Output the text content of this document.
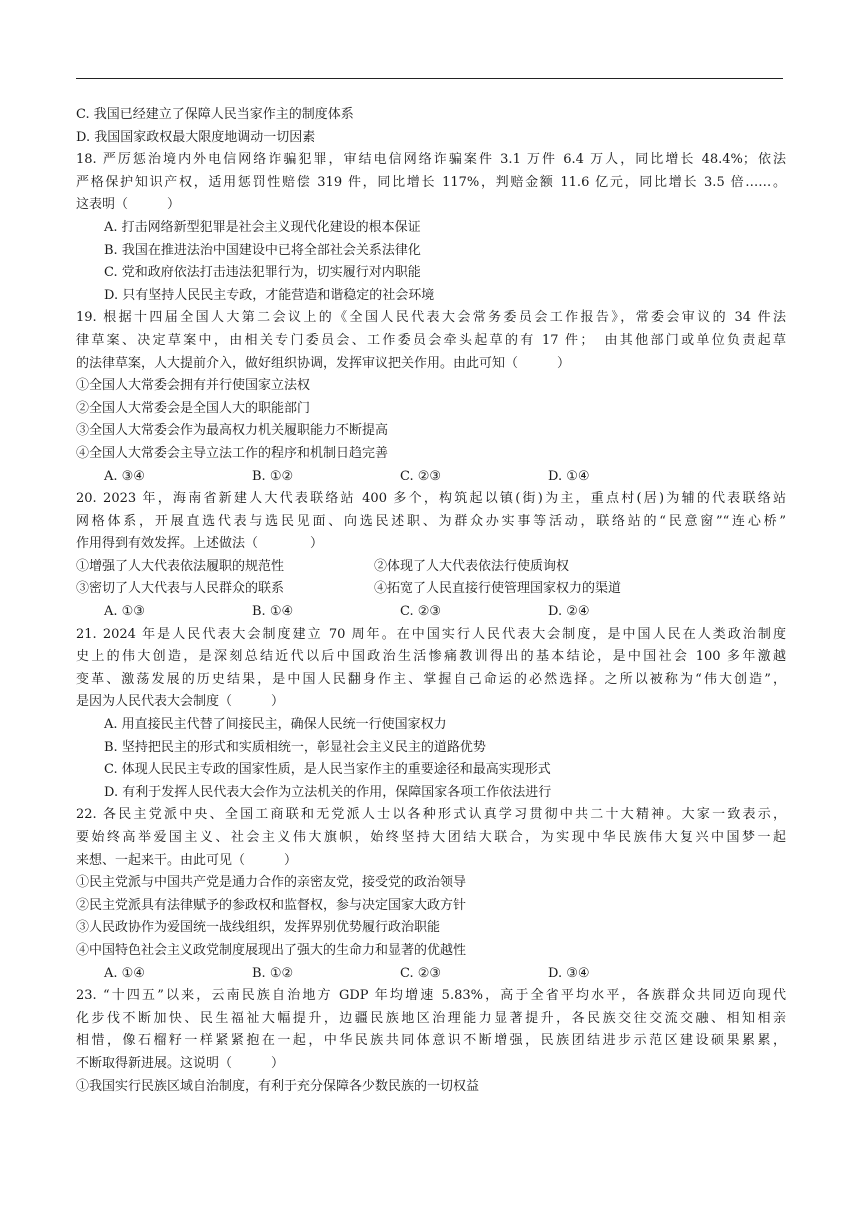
C. 我国已经建立了保障人民当家作主的制度体系
D. 我国国家政权最大限度地调动一切因素
18. 严厉惩治境内外电信网络诈骗犯罪，审结电信网络诈骗案件 3.1 万件 6.4 万人，同比增长 48.4%；依法
严格保护知识产权，适用惩罚性赔偿 319 件，同比增长 117%，判赔金额 11.6 亿元，同比增长 3.5 倍……。
这表明（　　　）
A. 打击网络新型犯罪是社会主义现代化建设的根本保证
B. 我国在推进法治中国建设中已将全部社会关系法律化
C. 党和政府依法打击违法犯罪行为，切实履行对内职能
D. 只有坚持人民民主专政，才能营造和谐稳定的社会环境
19. 根据十四届全国人大第二会议上的《全国人民代表大会常务委员会工作报告》，常委会审议的 34 件法
律草案、决定草案中，由相关专门委员会、工作委员会牵头起草的有 17 件；　由其他部门或单位负责起草
的法律草案，人大提前介入，做好组织协调，发挥审议把关作用。由此可知（　　　）
①全国人大常委会拥有并行使国家立法权
②全国人大常委会是全国人大的职能部门
③全国人大常委会作为最高权力机关履职能力不断提高
④全国人大常委会主导立法工作的程序和机制日趋完善
A. ③④	B. ①②	C. ②③	D. ①④
20. 2023 年，海南省新建人大代表联络站 400 多个，构筑起以镇(街)为主，重点村(居)为辅的代表联络站
网格体系，开展直选代表与选民见面、向选民述职、为群众办实事等活动，联络站的“民意窗”“连心桥”
作用得到有效发挥。上述做法（　　　　）
①增强了人大代表依法履职的规范性	②体现了人大代表依法行使质询权
③密切了人大代表与人民群众的联系	④拓宽了人民直接行使管理国家权力的渠道
A. ①③	B. ①④	C. ②③	D. ②④
21. 2024 年是人民代表大会制度建立 70 周年。在中国实行人民代表大会制度，是中国人民在人类政治制度
史上的伟大创造，是深刻总结近代以后中国政治生活惨痛教训得出的基本结论，是中国社会 100 多年激越
变革、激荡发展的历史结果，是中国人民翻身作主、掌握自己命运的必然选择。之所以被称为“伟大创造”，
是因为人民代表大会制度（　　　）
A. 用直接民主代替了间接民主，确保人民统一行使国家权力
B. 坚持把民主的形式和实质相统一，彰显社会主义民主的道路优势
C. 体现人民民主专政的国家性质，是人民当家作主的重要途径和最高实现形式
D. 有利于发挥人民代表大会作为立法机关的作用，保障国家各项工作依法进行
22. 各民主党派中央、全国工商联和无党派人士以各种形式认真学习贯彻中共二十大精神。大家一致表示，
要始终高举爱国主义、社会主义伟大旗帜，始终坚持大团结大联合，为实现中华民族伟大复兴中国梦一起
来想、一起来干。由此可见（　　　）
①民主党派与中国共产党是通力合作的亲密友党，接受党的政治领导
②民主党派具有法律赋予的参政权和监督权，参与决定国家大政方针
③人民政协作为爱国统一战线组织，发挥界别优势履行政治职能
④中国特色社会主义政党制度展现出了强大的生命力和显著的优越性
A. ①④	B. ①②	C. ②③	D. ③④
23. “十四五”以来，云南民族自治地方 GDP 年均增速 5.83%，高于全省平均水平，各族群众共同迈向现代
化步伐不断加快、民生福祉大幅提升，边疆民族地区治理能力显著提升，各民族交往交流交融、相知相亲
相惜，像石榴籽一样紧紧抱在一起，中华民族共同体意识不断增强，民族团结进步示范区建设硕果累累，
不断取得新进展。这说明（　　　）
①我国实行民族区域自治制度，有利于充分保障各少数民族的一切权益
